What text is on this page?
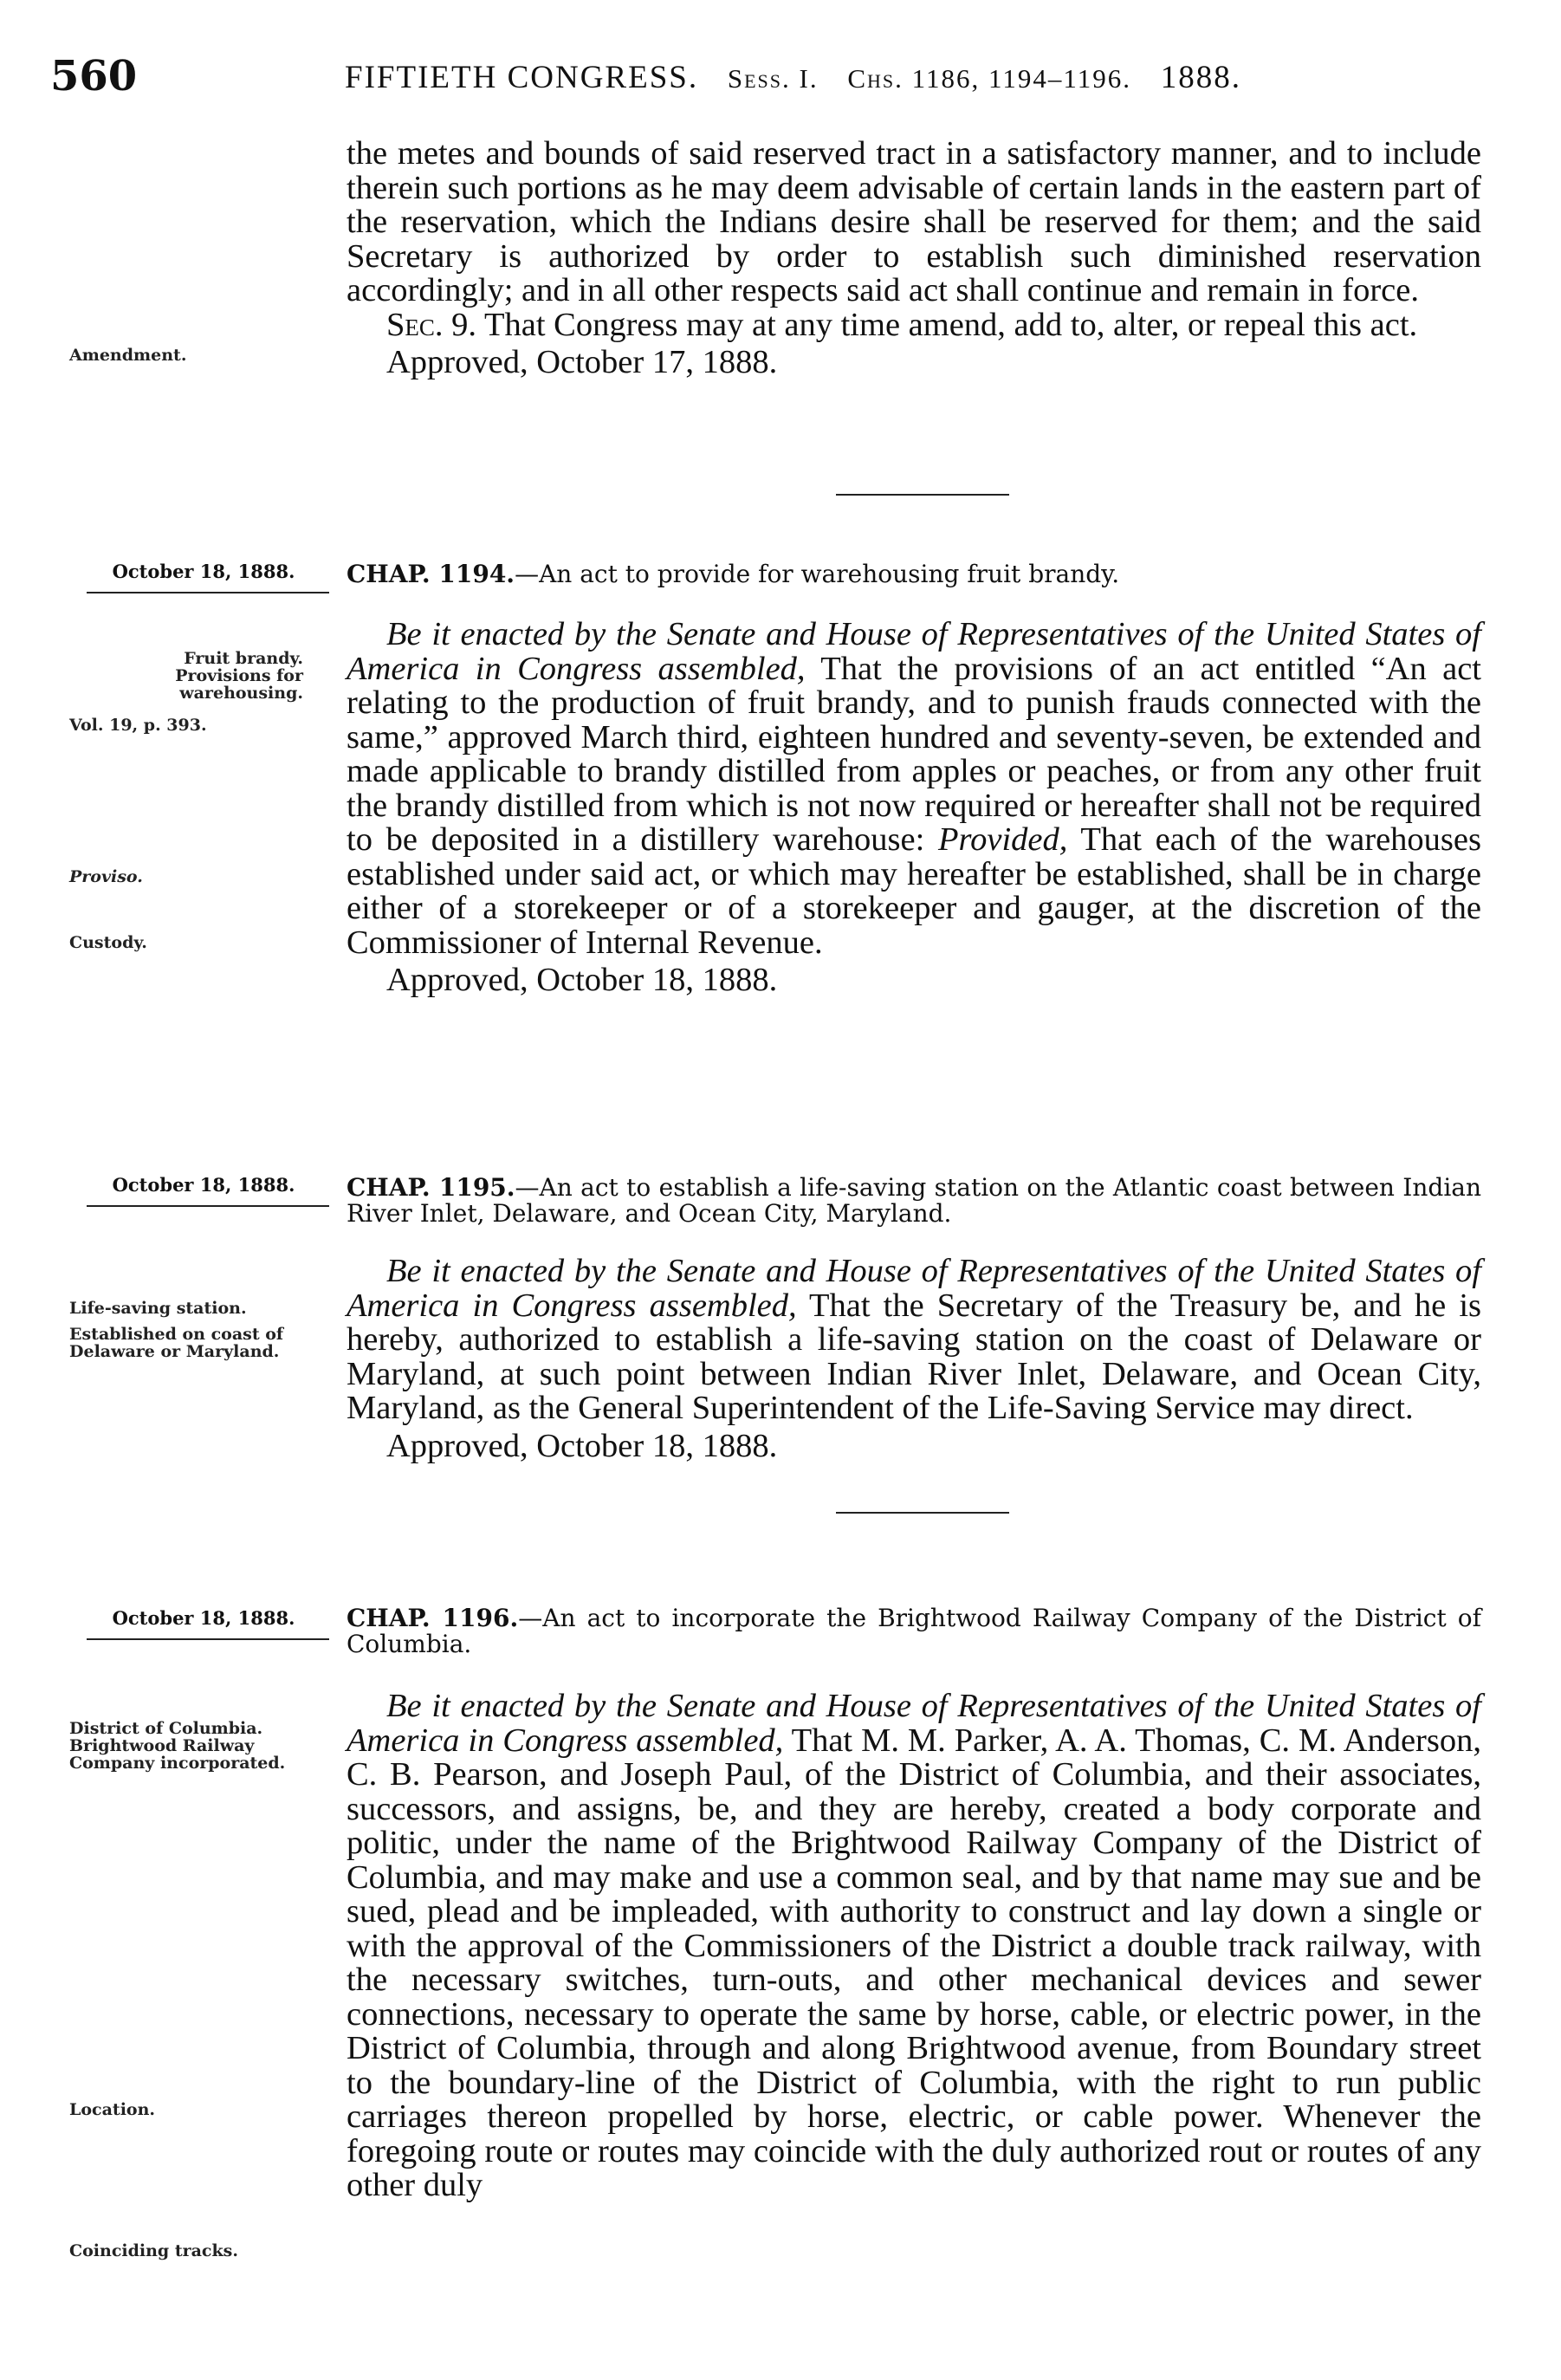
560	FIFTIETH CONGRESS. Sess. I. Chs. 1186, 1194–1196. 1888.

the metes and bounds of said reserved tract in a satisfactory manner, and to include therein such portions as he may deem advisable of certain lands in the eastern part of the reservation, which the Indians desire shall be reserved for them; and the said Secretary is authorized by order to establish such diminished reservation accordingly; and in all other respects said act shall continue and remain in force.

Sec. 9. That Congress may at any time amend, add to, alter, or repeal this act.

Approved, October 17, 1888.

Amendment.
October 18, 1888.	CHAP. 1194.—An act to provide for warehousing fruit brandy.

Be it enacted by the Senate and House of Representatives of the United States of America in Congress assembled, That the provisions of an act entitled “An act relating to the production of fruit brandy, and to punish frauds connected with the same,” approved March third, eighteen hundred and seventy-seven, be extended and made applicable to brandy distilled from apples or peaches, or from any other fruit the brandy distilled from which is not now required or hereafter shall not be required to be deposited in a distillery warehouse: Provided, That each of the warehouses established under said act, or which may hereafter be established, shall be in charge either of a storekeeper or of a storekeeper and gauger, at the discretion of the Commissioner of Internal Revenue.

Approved, October 18, 1888.

Fruit brandy.
Provisions for warehousing.
Vol. 19, p. 393.
Proviso.
Custody.
October 18, 1888.	CHAP. 1195.—An act to establish a life-saving station on the Atlantic coast between Indian River Inlet, Delaware, and Ocean City, Maryland.

Be it enacted by the Senate and House of Representatives of the United States of America in Congress assembled, That the Secretary of the Treasury be, and he is hereby, authorized to establish a life-saving station on the coast of Delaware or Maryland, at such point between Indian River Inlet, Delaware, and Ocean City, Maryland, as the General Superintendent of the Life-Saving Service may direct.

Approved, October 18, 1888.

Life-saving station.
Established on coast of Delaware or Maryland.
October 18, 1888.	CHAP. 1196.—An act to incorporate the Brightwood Railway Company of the District of Columbia.

Be it enacted by the Senate and House of Representatives of the United States of America in Congress assembled, That M. M. Parker, A. A. Thomas, C. M. Anderson, C. B. Pearson, and Joseph Paul, of the District of Columbia, and their associates, successors, and assigns, be, and they are hereby, created a body corporate and politic, under the name of the Brightwood Railway Company of the District of Columbia, and may make and use a common seal, and by that name may sue and be sued, plead and be impleaded, with authority to construct and lay down a single or with the approval of the Commissioners of the District a double track railway, with the necessary switches, turn-outs, and other mechanical devices and sewer connections, necessary to operate the same by horse, cable, or electric power, in the District of Columbia, through and along Brightwood avenue, from Boundary street to the boundary-line of the District of Columbia, with the right to run public carriages thereon propelled by horse, electric, or cable power. Whenever the foregoing route or routes may coincide with the duly authorized rout or routes of any other duly

District of Columbia. Brightwood Railway Company incorporated.
Location.
Coinciding tracks.
